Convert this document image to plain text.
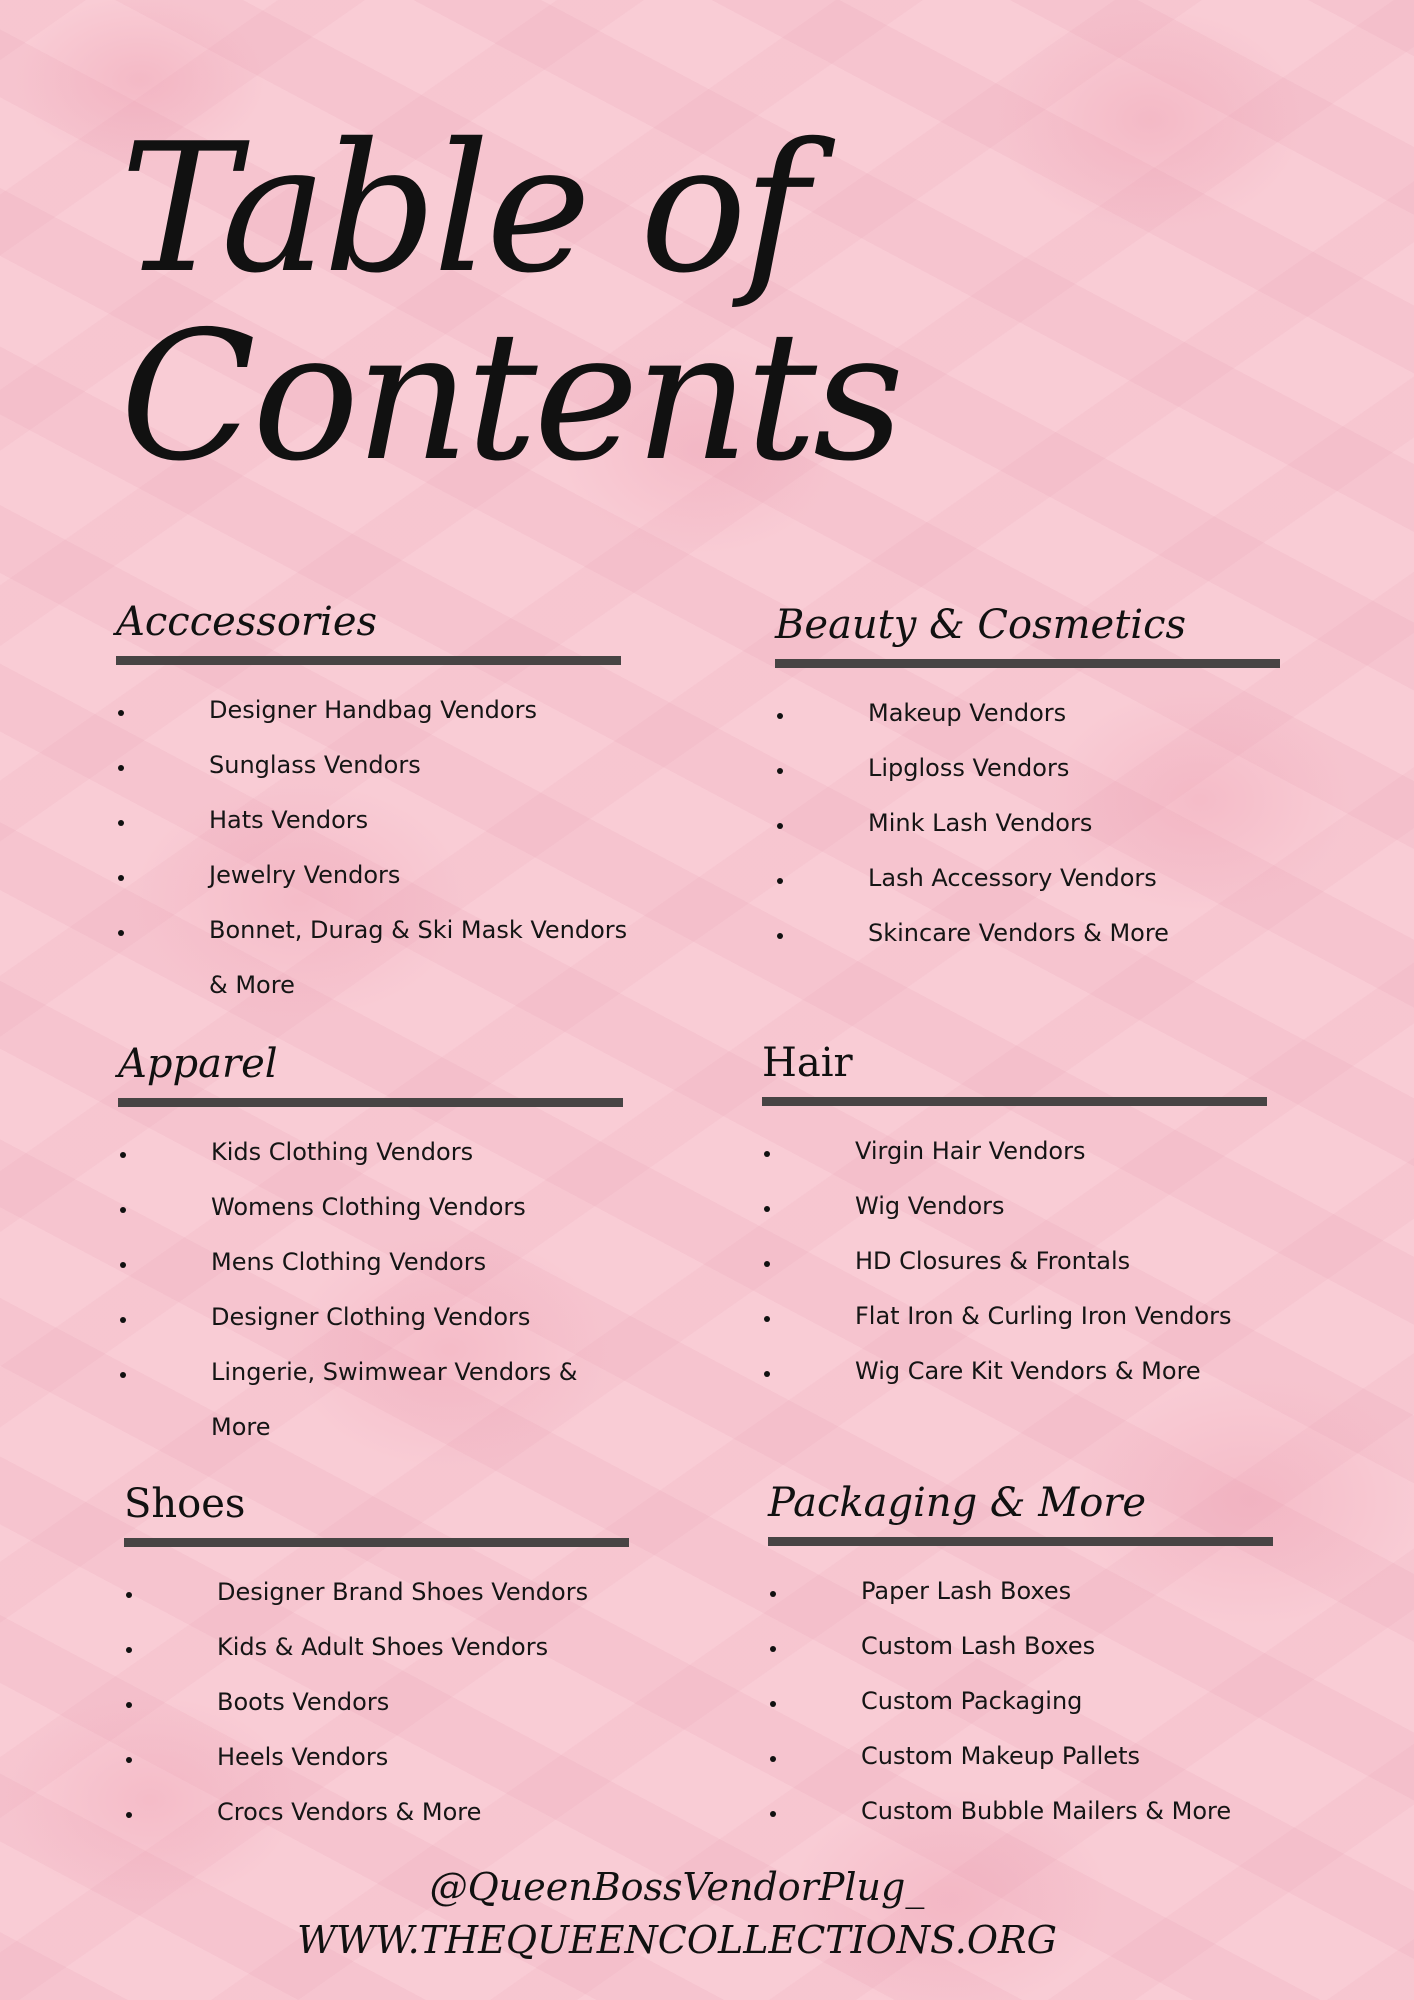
Table of
Contents
Acccessories
Designer Handbag Vendors
Sunglass Vendors
Hats Vendors
Jewelry Vendors
Bonnet, Durag & Ski Mask Vendors & More
Beauty & Cosmetics
Makeup Vendors
Lipgloss Vendors
Mink Lash Vendors
Lash Accessory Vendors
Skincare Vendors & More
Apparel
Kids Clothing Vendors
Womens Clothing Vendors
Mens Clothing Vendors
Designer Clothing Vendors
Lingerie, Swimwear Vendors & More
Hair
Virgin Hair Vendors
Wig Vendors
HD Closures & Frontals
Flat Iron & Curling Iron Vendors
Wig Care Kit Vendors & More
Shoes
Designer Brand Shoes Vendors
Kids & Adult Shoes Vendors
Boots Vendors
Heels Vendors
Crocs Vendors & More
Packaging & More
Paper Lash Boxes
Custom Lash Boxes
Custom Packaging
Custom Makeup Pallets
Custom Bubble Mailers & More
@QueenBossVendorPlug_
WWW.THEQUEENCOLLECTIONS.ORG
